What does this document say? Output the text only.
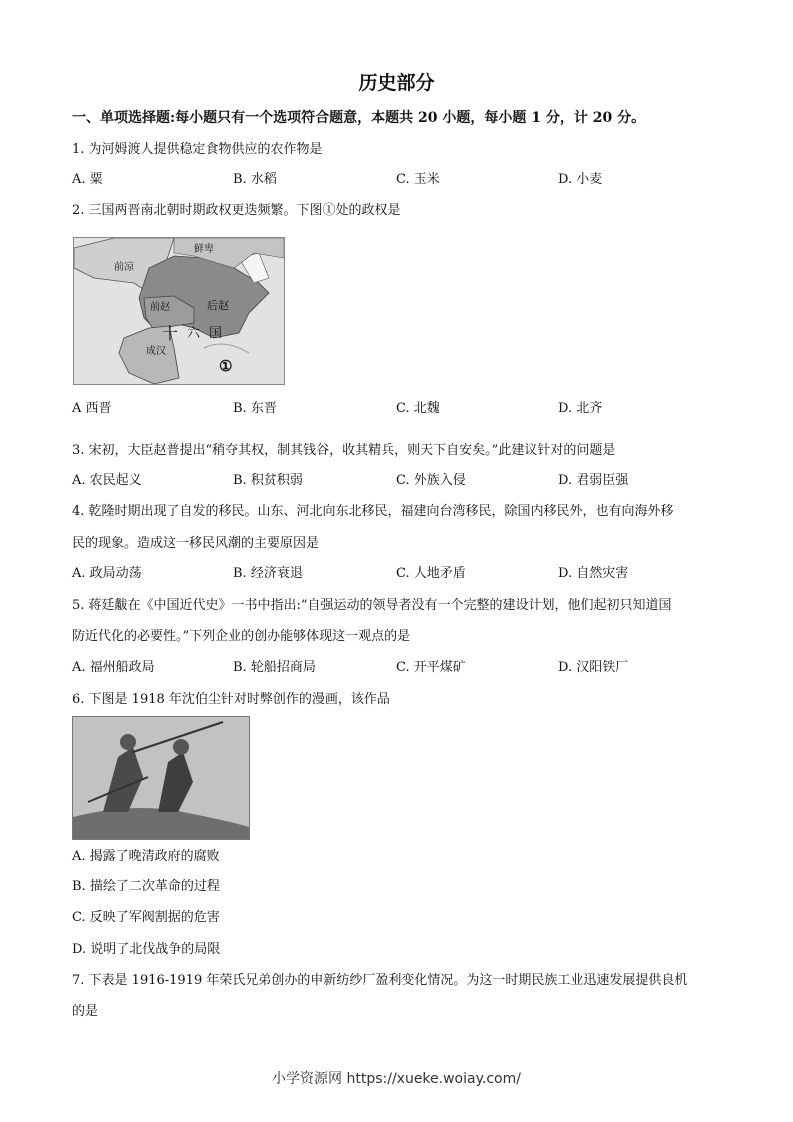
历史部分
一、单项选择题:每小题只有一个选项符合题意，本题共 20 小题，每小题 1 分，计 20 分。
1. 为河姆渡人提供稳定食物供应的农作物是
A. 粟	B. 水稻	C. 玉米	D. 小麦
2. 三国两晋南北朝时期政权更迭频繁。下图①处的政权是
鲜卑
前凉
前赵	后赵
十 六 国
成汉
①
A 西晋	B. 东晋	C. 北魏	D. 北齐
3. 宋初，大臣赵普提出“稍夺其权，制其钱谷，收其精兵，则天下自安矣。”此建议针对的问题是
A. 农民起义	B. 积贫积弱	C. 外族入侵	D. 君弱臣强
4. 乾隆时期出现了自发的移民。山东、河北向东北移民，福建向台湾移民，除国内移民外，也有向海外移
民的现象。造成这一移民风潮的主要原因是
A. 政局动荡	B. 经济衰退	C. 人地矛盾	D. 自然灾害
5. 蒋廷黻在《中国近代史》一书中指出:“自强运动的领导者没有一个完整的建设计划，他们起初只知道国
防近代化的必要性。”下列企业的创办能够体现这一观点的是
A. 福州船政局	B. 轮船招商局	C. 开平煤矿	D. 汉阳铁厂
6. 下图是 1918 年沈伯尘针对时弊创作的漫画，该作品
A. 揭露了晚清政府的腐败
B. 描绘了二次革命的过程
C. 反映了军阀割据的危害
D. 说明了北伐战争的局限
7. 下表是 1916-1919 年荣氏兄弟创办的申新纺纱厂盈利变化情况。为这一时期民族工业迅速发展提供良机
的是
小学资源网 https://xueke.woiay.com/
